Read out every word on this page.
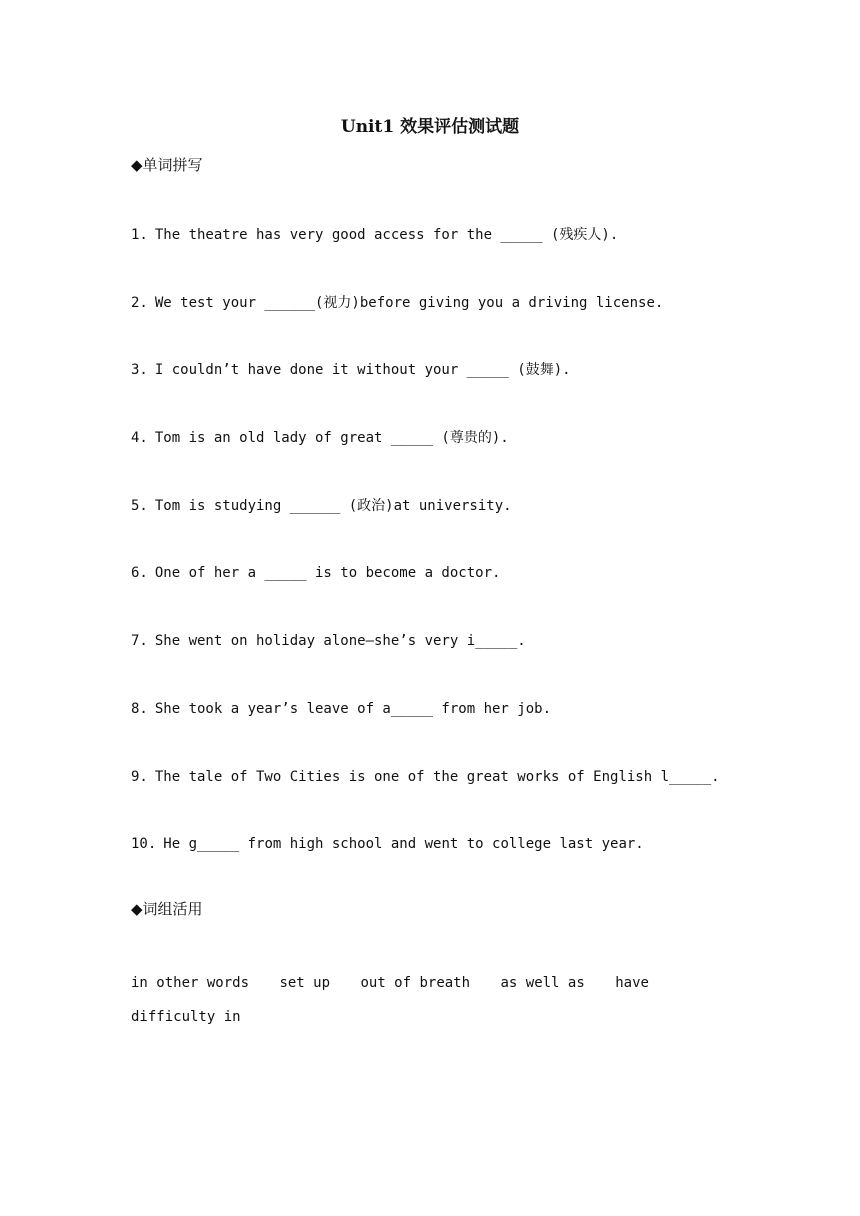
Unit1 效果评估测试题
◆单词拼写
1. The theatre has very good access for the _____ (残疾人).
2. We test your ______(视力)before giving you a driving license.
3. I couldn’t have done it without your _____ (鼓舞).
4. Tom is an old lady of great _____ (尊贵的).
5. Tom is studying ______ (政治)at university.
6. One of her a _____ is to become a doctor.
7. She went on holiday alone—she’s very i_____.
8. She took a year’s leave of a_____ from her job.
9. The tale of Two Cities is one of the great works of English l_____.
10. He g_____ from high school and went to college last year.
◆词组活用
in other words set up out of breath as well as have difficulty in
